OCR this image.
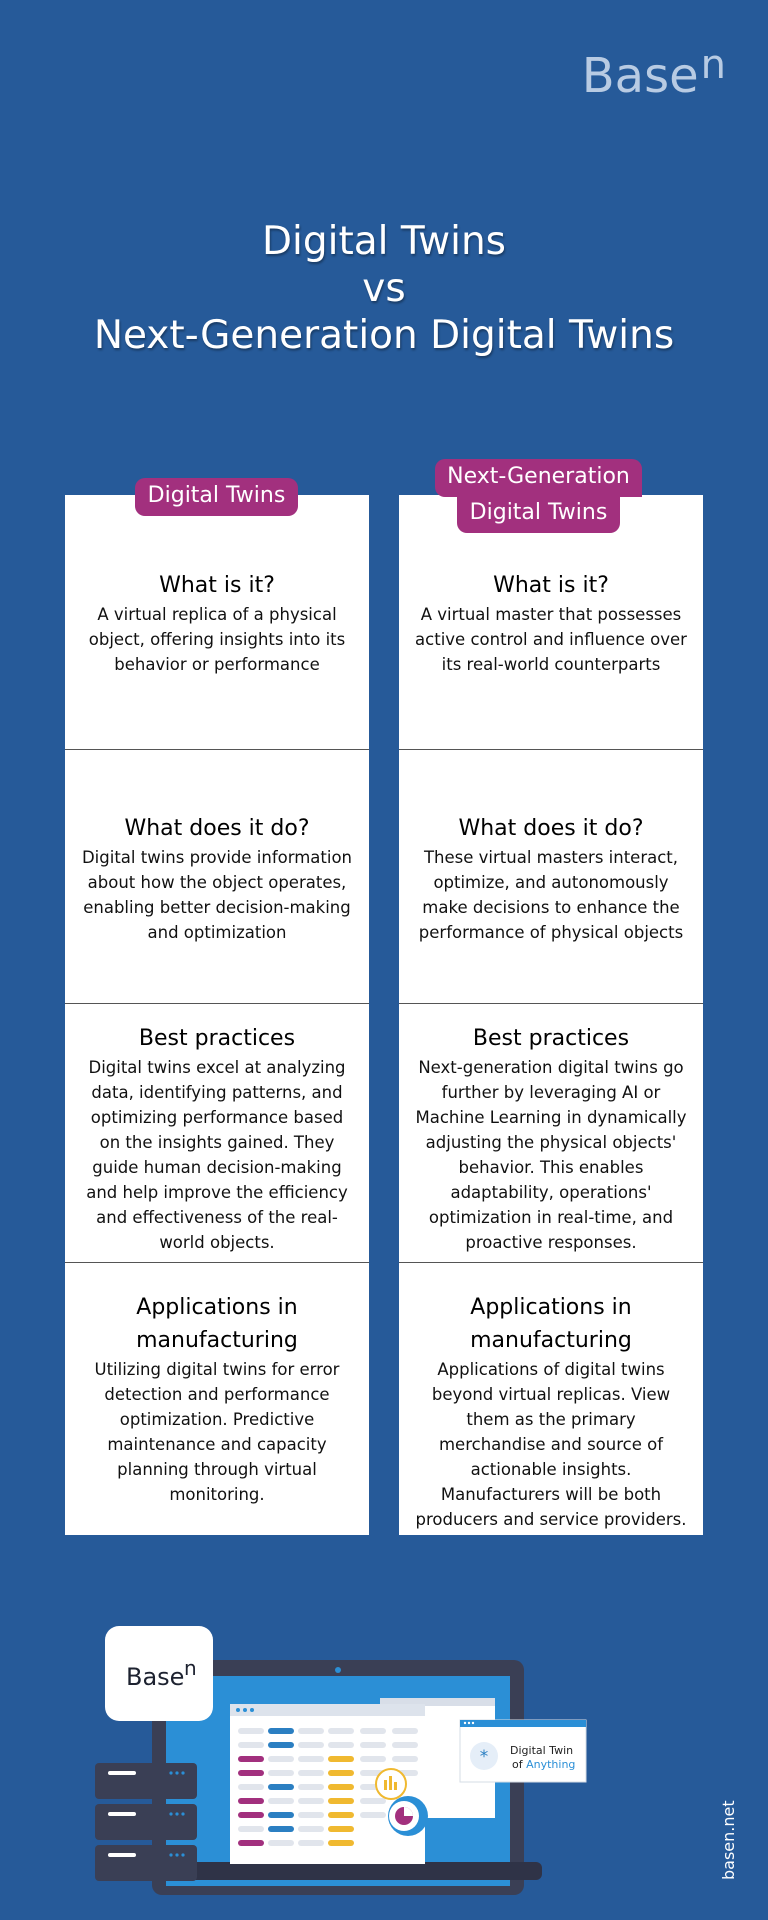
Base$^n$
Digital Twins
vs
Next-Generation Digital Twins
What is it?

A virtual replica of a physical object, offering insights into its behavior or performance

What does it do?

Digital twins provide information about how the object operates, enabling better decision-making and optimization

Best practices

Digital twins excel at analyzing data, identifying patterns, and optimizing performance based on the insights gained. They guide human decision-making and help improve the efficiency and effectiveness of the real-world objects.

Applications in manufacturing

Utilizing digital twins for error detection and performance optimization. Predictive maintenance and capacity planning through virtual monitoring.

What is it?

A virtual master that possesses active control and influence over its real-world counterparts

What does it do?

These virtual masters interact, optimize, and autonomously make decisions to enhance the performance of physical objects

Best practices

Next-generation digital twins go further by leveraging AI or Machine Learning in dynamically adjusting the physical objects' behavior. This enables adaptability, operations' optimization in real-time, and proactive responses.

Applications in manufacturing

Applications of digital twins beyond virtual replicas. View them as the primary merchandise and source of actionable insights. Manufacturers will be both producers and service providers.

Digital Twins
Next-Generation
Digital Twins
* Digital Twin
of Anything
Base n
basen.net
